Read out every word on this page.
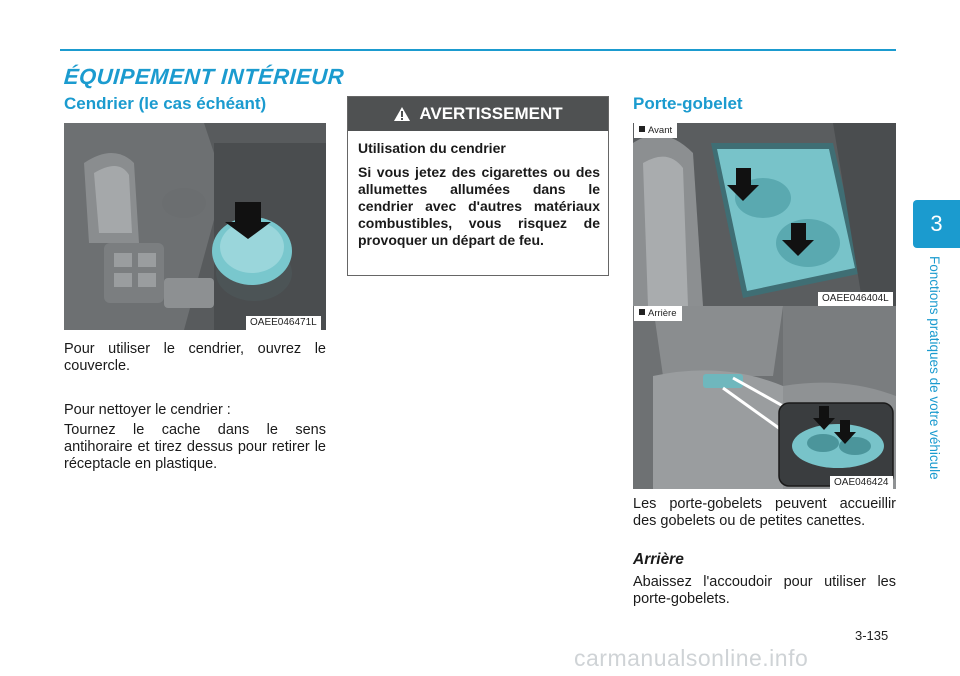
ÉQUIPEMENT INTÉRIEUR
Cendrier (le cas échéant)
OAEE046471L

Pour utiliser le cendrier, ouvrez le couvercle.

Pour nettoyer le cendrier :

Tournez le cache dans le sens antihoraire et tirez dessus pour retirer le réceptacle en plastique.

AVERTISSEMENT

Utilisation du cendrier

Si vous jetez des cigarettes ou des allumettes allumées dans le cendrier avec d'autres matériaux combustibles, vous risquez de provoquer un départ de feu.

Porte-gobelet
Avant
OAEE046404L
Arrière
OAE046424

Les porte-gobelets peuvent accueillir des gobelets ou de petites canettes.

Arrière

Abaissez l'accoudoir pour utiliser les porte-gobelets.

3
Fonctions pratiques de votre véhicule
3-135
carmanualsonline.info
